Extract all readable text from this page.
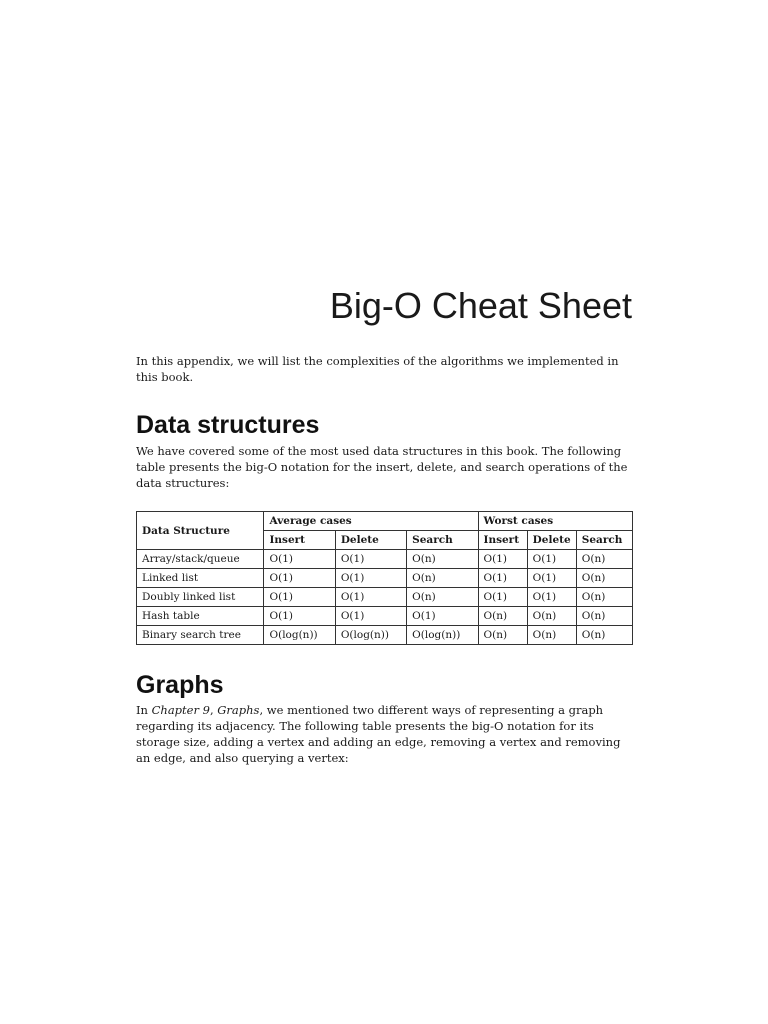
Big-O Cheat Sheet

In this appendix, we will list the complexities of the algorithms we implemented in this book.

Data structures

We have covered some of the most used data structures in this book. The following table presents the big-O notation for the insert, delete, and search operations of the data structures:

Data Structure	Average cases			Worst cases		
	Insert	Delete	Search	Insert	Delete	Search
Array/stack/queue	O(1)	O(1)	O(n)	O(1)	O(1)	O(n)
Linked list	O(1)	O(1)	O(n)	O(1)	O(1)	O(n)
Doubly linked list	O(1)	O(1)	O(n)	O(1)	O(1)	O(n)
Hash table	O(1)	O(1)	O(1)	O(n)	O(n)	O(n)
Binary search tree	O(log(n))	O(log(n))	O(log(n))	O(n)	O(n)	O(n)
Graphs

In Chapter 9, Graphs, we mentioned two different ways of representing a graph regarding its adjacency. The following table presents the big-O notation for its storage size, adding a vertex and adding an edge, removing a vertex and removing an edge, and also querying a vertex:
